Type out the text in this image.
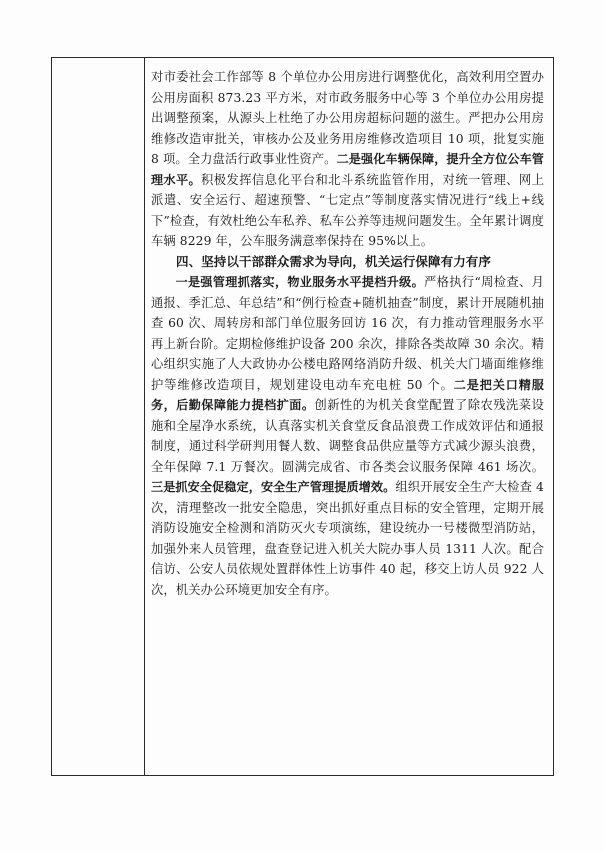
对市委社会工作部等 8 个单位办公用房进行调整优化，高效利用空置办公用房面积 873.23 平方米，对市政务服务中心等 3 个单位办公用房提出调整预案，从源头上杜绝了办公用房超标问题的滋生。严把办公用房维修改造审批关，审核办公及业务用房维修改造项目 10 项，批复实施 8 项。全力盘活行政事业性资产。二是强化车辆保障，提升全方位公车管理水平。积极发挥信息化平台和北斗系统监管作用，对统一管理、网上派遣、安全运行、超速预警、“七定点”等制度落实情况进行“线上+线下”检查，有效杜绝公车私养、私车公养等违规问题发生。全年累计调度车辆 8229 年，公车服务满意率保持在 95%以上。

四、坚持以干部群众需求为导向，机关运行保障有力有序

一是强管理抓落实，物业服务水平提档升级。严格执行“周检查、月通报、季汇总、年总结”和“例行检查+随机抽查”制度，累计开展随机抽查 60 次、周转房和部门单位服务回访 16 次，有力推动管理服务水平再上新台阶。定期检修维护设备 200 余次，排除各类故障 30 余次。精心组织实施了人大政协办公楼电路网络消防升级、机关大门墙面维修维护等维修改造项目，规划建设电动车充电桩 50 个。二是把关口精服务，后勤保障能力提档扩面。创新性的为机关食堂配置了除农残洗菜设施和全屋净水系统，认真落实机关食堂反食品浪费工作成效评估和通报制度，通过科学研判用餐人数、调整食品供应量等方式减少源头浪费，全年保障 7.1 万餐次。圆满完成省、市各类会议服务保障 461 场次。三是抓安全促稳定，安全生产管理提质增效。组织开展安全生产大检查 4 次，清理整改一批安全隐患，突出抓好重点目标的安全管理，定期开展消防设施安全检测和消防灭火专项演练，建设统办一号楼微型消防站，加强外来人员管理，盘查登记进入机关大院办事人员 1311 人次。配合信访、公安人员依规处置群体性上访事件 40 起，移交上访人员 922 人次，机关办公环境更加安全有序。
